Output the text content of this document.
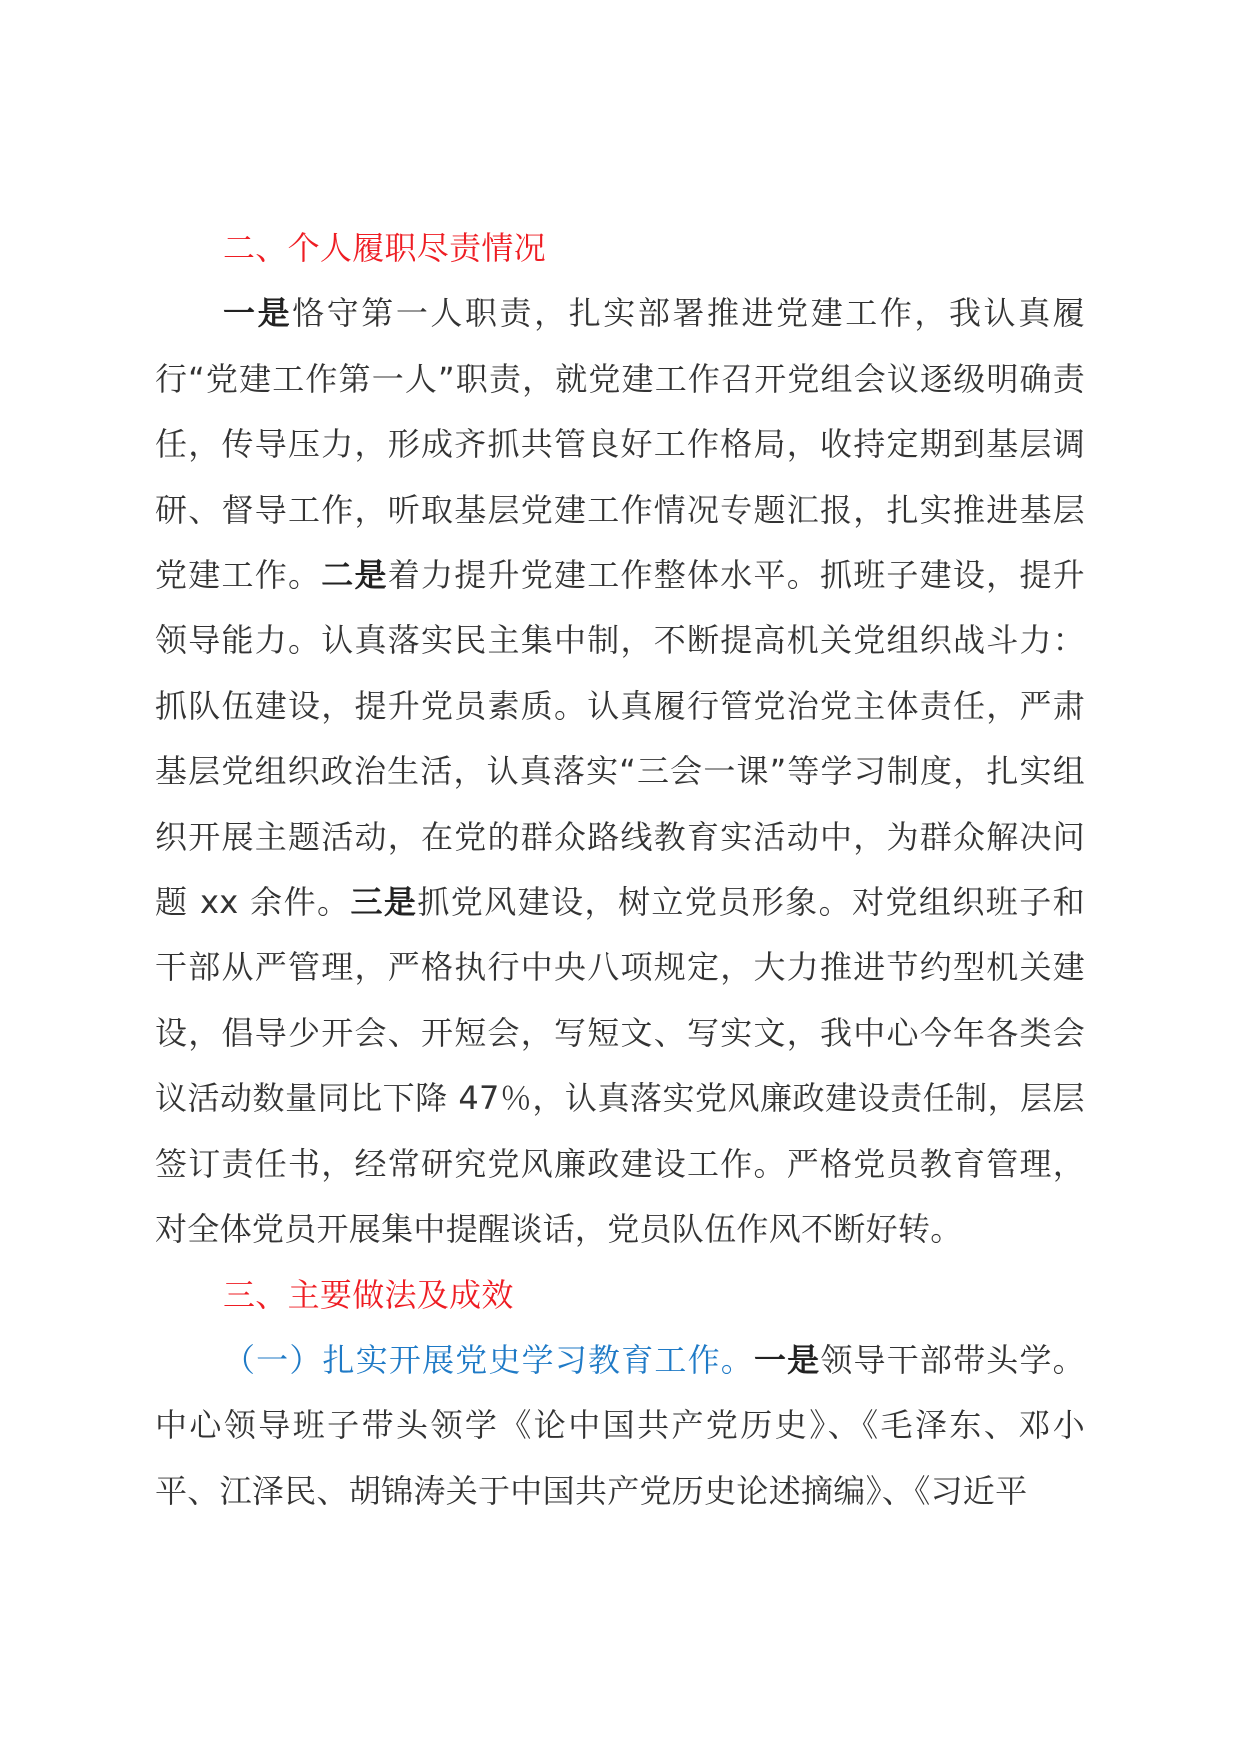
二、个人履职尽责情况

一是恪守第一人职责，扎实部署推进党建工作，我认真履行“党建工作第一人”职责，就党建工作召开党组会议逐级明确责任，传导压力，形成齐抓共管良好工作格局，收持定期到基层调研、督导工作，听取基层党建工作情况专题汇报，扎实推进基层党建工作。二是着力提升党建工作整体水平。抓班子建设，提升领导能力。认真落实民主集中制，不断提高机关党组织战斗力：抓队伍建设，提升党员素质。认真履行管党治党主体责任，严肃基层党组织政治生活，认真落实“三会一课”等学习制度，扎实组织开展主题活动，在党的群众路线教育实活动中，为群众解决问题 xx 余件。三是抓党风建设，树立党员形象。对党组织班子和干部从严管理，严格执行中央八项规定，大力推进节约型机关建设，倡导少开会、开短会，写短文、写实文，我中心今年各类会议活动数量同比下降 47％，认真落实党风廉政建设责任制，层层签订责任书，经常研究党风廉政建设工作。严格党员教育管理，对全体党员开展集中提醒谈话，党员队伍作风不断好转。

三、主要做法及成效

（一）扎实开展党史学习教育工作。一是领导干部带头学。中心领导班子带头领学《论中国共产党历史》、《毛泽东、邓小平、江泽民、胡锦涛关于中国共产党历史论述摘编》、《习近平
